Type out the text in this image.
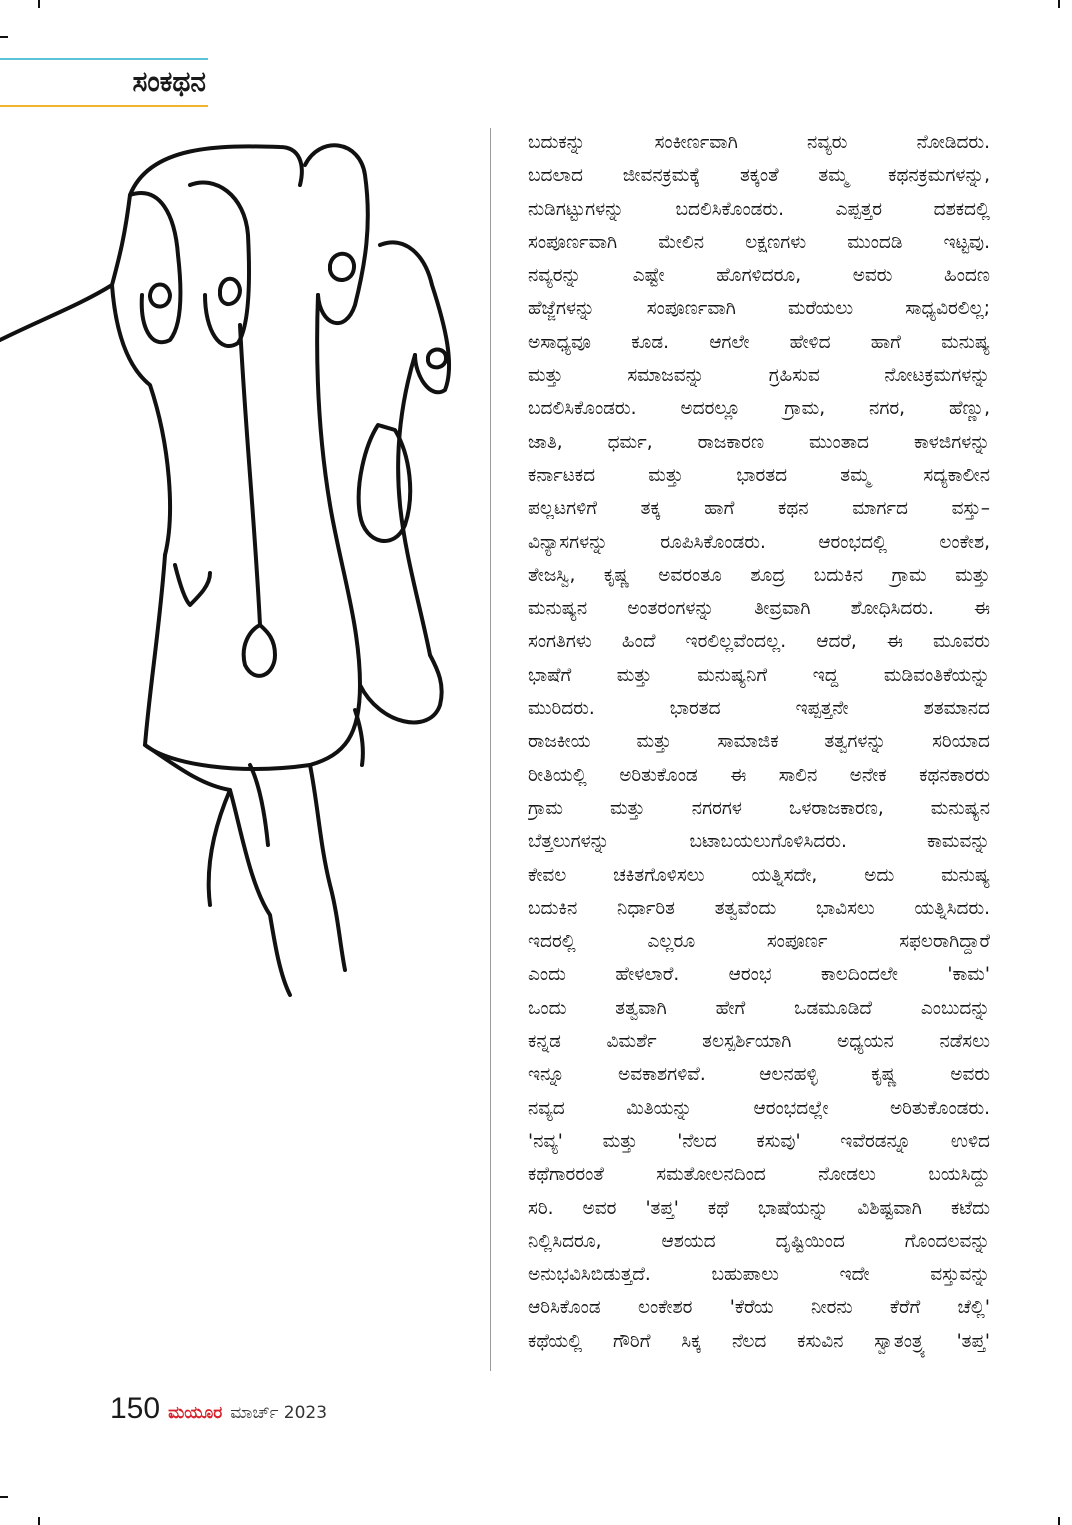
ಸಂಕಥನ
ಬದುಕನ್ನು ಸಂಕೀರ್ಣವಾಗಿ ನವ್ಯರು ನೋಡಿದರು.
ಬದಲಾದ ಜೀವನಕ್ರಮಕ್ಕೆ ತಕ್ಕಂತೆ ತಮ್ಮ ಕಥನಕ್ರಮಗಳನ್ನು,
ನುಡಿಗಟ್ಟುಗಳನ್ನು ಬದಲಿಸಿಕೊಂಡರು. ಎಪ್ಪತ್ತರ ದಶಕದಲ್ಲಿ
ಸಂಪೂರ್ಣವಾಗಿ ಮೇಲಿನ ಲಕ್ಷಣಗಳು ಮುಂದಡಿ ಇಟ್ಟವು.
ನವ್ಯರನ್ನು ಎಷ್ಟೇ ಹೊಗಳಿದರೂ, ಅವರು ಹಿಂದಣ
ಹೆಜ್ಜೆಗಳನ್ನು ಸಂಪೂರ್ಣವಾಗಿ ಮರೆಯಲು ಸಾಧ್ಯವಿರಲಿಲ್ಲ;
ಅಸಾಧ್ಯವೂ ಕೂಡ. ಆಗಲೇ ಹೇಳಿದ ಹಾಗೆ ಮನುಷ್ಯ
ಮತ್ತು ಸಮಾಜವನ್ನು ಗ್ರಹಿಸುವ ನೋಟಕ್ರಮಗಳನ್ನು
ಬದಲಿಸಿಕೊಂಡರು. ಅದರಲ್ಲೂ ಗ್ರಾಮ, ನಗರ, ಹೆಣ್ಣು,
ಜಾತಿ, ಧರ್ಮ, ರಾಜಕಾರಣ ಮುಂತಾದ ಕಾಳಜಿಗಳನ್ನು
ಕರ್ನಾಟಕದ ಮತ್ತು ಭಾರತದ ತಮ್ಮ ಸದ್ಯಕಾಲೀನ
ಪಲ್ಲಟಗಳಿಗೆ ತಕ್ಕ ಹಾಗೆ ಕಥನ ಮಾರ್ಗದ ವಸ್ತು–
ವಿನ್ಯಾಸಗಳನ್ನು ರೂಪಿಸಿಕೊಂಡರು. ಆರಂಭದಲ್ಲಿ ಲಂಕೇಶ,
ತೇಜಸ್ವಿ, ಕೃಷ್ಣ ಅವರಂತೂ ಶೂದ್ರ ಬದುಕಿನ ಗ್ರಾಮ ಮತ್ತು
ಮನುಷ್ಯನ ಅಂತರಂಗಳನ್ನು ತೀವ್ರವಾಗಿ ಶೋಧಿಸಿದರು. ಈ
ಸಂಗತಿಗಳು ಹಿಂದೆ ಇರಲಿಲ್ಲವೆಂದಲ್ಲ. ಆದರೆ, ಈ ಮೂವರು
ಭಾಷೆಗೆ ಮತ್ತು ಮನುಷ್ಯನಿಗೆ ಇದ್ದ ಮಡಿವಂತಿಕೆಯನ್ನು
ಮುರಿದರು. ಭಾರತದ ಇಪ್ಪತ್ತನೇ ಶತಮಾನದ
ರಾಜಕೀಯ ಮತ್ತು ಸಾಮಾಜಿಕ ತತ್ವಗಳನ್ನು ಸರಿಯಾದ
ರೀತಿಯಲ್ಲಿ ಅರಿತುಕೊಂಡ ಈ ಸಾಲಿನ ಅನೇಕ ಕಥನಕಾರರು
ಗ್ರಾಮ ಮತ್ತು ನಗರಗಳ ಒಳರಾಜಕಾರಣ, ಮನುಷ್ಯನ
ಬೆತ್ತಲುಗಳನ್ನು ಬಟಾಬಯಲುಗೊಳಿಸಿದರು. ಕಾಮವನ್ನು
ಕೇವಲ ಚಕಿತಗೊಳಿಸಲು ಯತ್ನಿಸದೇ, ಅದು ಮನುಷ್ಯ
ಬದುಕಿನ ನಿರ್ಧಾರಿತ ತತ್ವವೆಂದು ಭಾವಿಸಲು ಯತ್ನಿಸಿದರು.
ಇದರಲ್ಲಿ ಎಲ್ಲರೂ ಸಂಪೂರ್ಣ ಸಫಲರಾಗಿದ್ದಾರೆ
ಎಂದು ಹೇಳಲಾರೆ. ಆರಂಭ ಕಾಲದಿಂದಲೇ 'ಕಾಮ'
ಒಂದು ತತ್ವವಾಗಿ ಹೇಗೆ ಒಡಮೂಡಿದೆ ಎಂಬುದನ್ನು
ಕನ್ನಡ ವಿಮರ್ಶೆ ತಲಸ್ಪರ್ಶಿಯಾಗಿ ಅಧ್ಯಯನ ನಡೆಸಲು
ಇನ್ನೂ ಅವಕಾಶಗಳಿವೆ. ಆಲನಹಳ್ಳಿ ಕೃಷ್ಣ ಅವರು
ನವ್ಯದ ಮಿತಿಯನ್ನು ಆರಂಭದಲ್ಲೇ ಅರಿತುಕೊಂಡರು.
'ನವ್ಯ' ಮತ್ತು 'ನೆಲದ ಕಸುವು' ಇವೆರಡನ್ನೂ ಉಳಿದ
ಕಥೆಗಾರರಂತೆ ಸಮತೋಲನದಿಂದ ನೋಡಲು ಬಯಸಿದ್ದು
ಸರಿ. ಅವರ 'ತಪ್ತ' ಕಥೆ ಭಾಷೆಯನ್ನು ವಿಶಿಷ್ಟವಾಗಿ ಕಟೆದು
ನಿಲ್ಲಿಸಿದರೂ, ಆಶಯದ ದೃಷ್ಟಿಯಿಂದ ಗೊಂದಲವನ್ನು
ಅನುಭವಿಸಿಬಿಡುತ್ತದೆ. ಬಹುಪಾಲು ಇದೇ ವಸ್ತುವನ್ನು
ಆರಿಸಿಕೊಂಡ ಲಂಕೇಶರ 'ಕೆರೆಯ ನೀರನು ಕೆರೆಗೆ ಚೆಲ್ಲಿ'
ಕಥೆಯಲ್ಲಿ ಗೌರಿಗೆ ಸಿಕ್ಕ ನೆಲದ ಕಸುವಿನ ಸ್ವಾತಂತ್ರ್ಯ 'ತಪ್ತ'
150 ಮಯೂರ ಮಾರ್ಚ್ 2023
